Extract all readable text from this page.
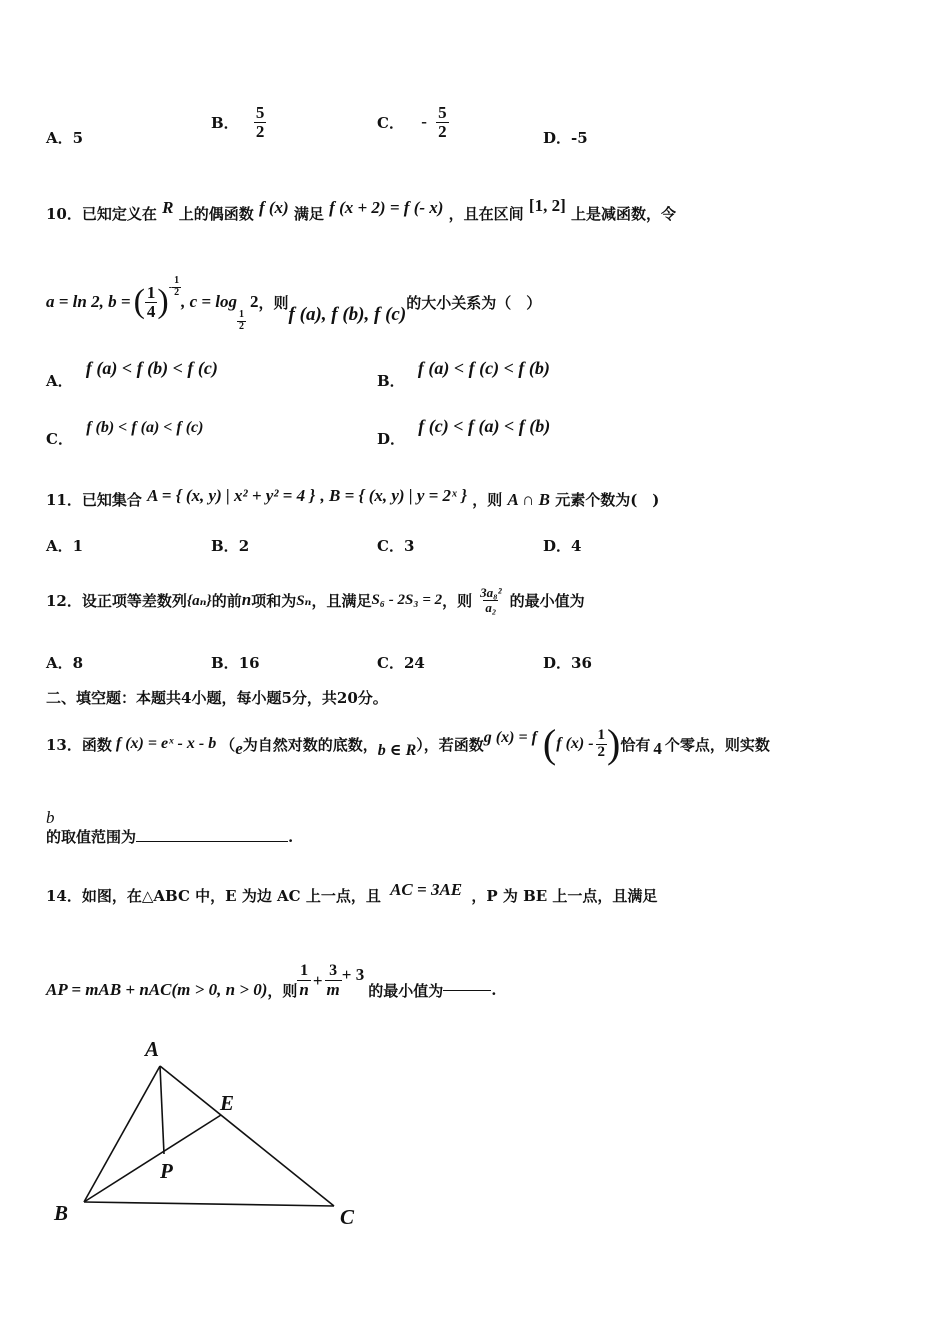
A．5
B． $\frac{5}{2}$	C． - $\frac{5}{2}$	D．-5
10．已知定义在 R 上的偶函数 f (x) 满足 f (x + 2) = f (- x) ，且在区间 [1, 2] 上是减函数，令
a = ln 2, b = ( $\frac{1}{4}$ ) - $\frac{1}{2}$
, c = log
$\frac{1}{2}$
2 ，则
f (a), f (b), f (c)
的大小关系为（　）
A． f (a) < f (b) < f (c)
B． f (a) < f (c) < f (b)
C． f (b) < f (a) < f (c)
D． f (c) < f (a) < f (b)
11．已知集合 A = { (x, y) | x² + y² = 4 } , B = { (x, y) | y = 2ˣ } ，则 A ∩ B 元素个数为(　)
A．1	B．2	C．3	D．4
12． 设正项等差数列 {aₙ} 的前 n 项和为 Sₙ ，且满足 S₆ - 2S₃ = 2 ，则 $\frac{\text{3a₈²}}{\text{a₂}}$ 的最小值为
A．8	B．16	C．24	D．36
二、填空题：本题共4小题，每小题5分，共20分。
13． 函数 f (x) = eˣ - x - b （ e 为自然对数的底数， b ∈ R ），若函数 g (x) = f ( f $(x) - \frac{1}{2}$ ) 恰有 4 个零点，则实数
b
的取值范围为	.
14．如图，在△ABC 中，E 为边 AC 上一点，且 AC = 3AE ，P 为 BE 上一点，且满足
AP = mAB + nAC(m > 0, n > 0) ，则 $\frac{1}{n} + \frac{3}{m} + 3$
的最小值为	.
A
B	C
E
P
